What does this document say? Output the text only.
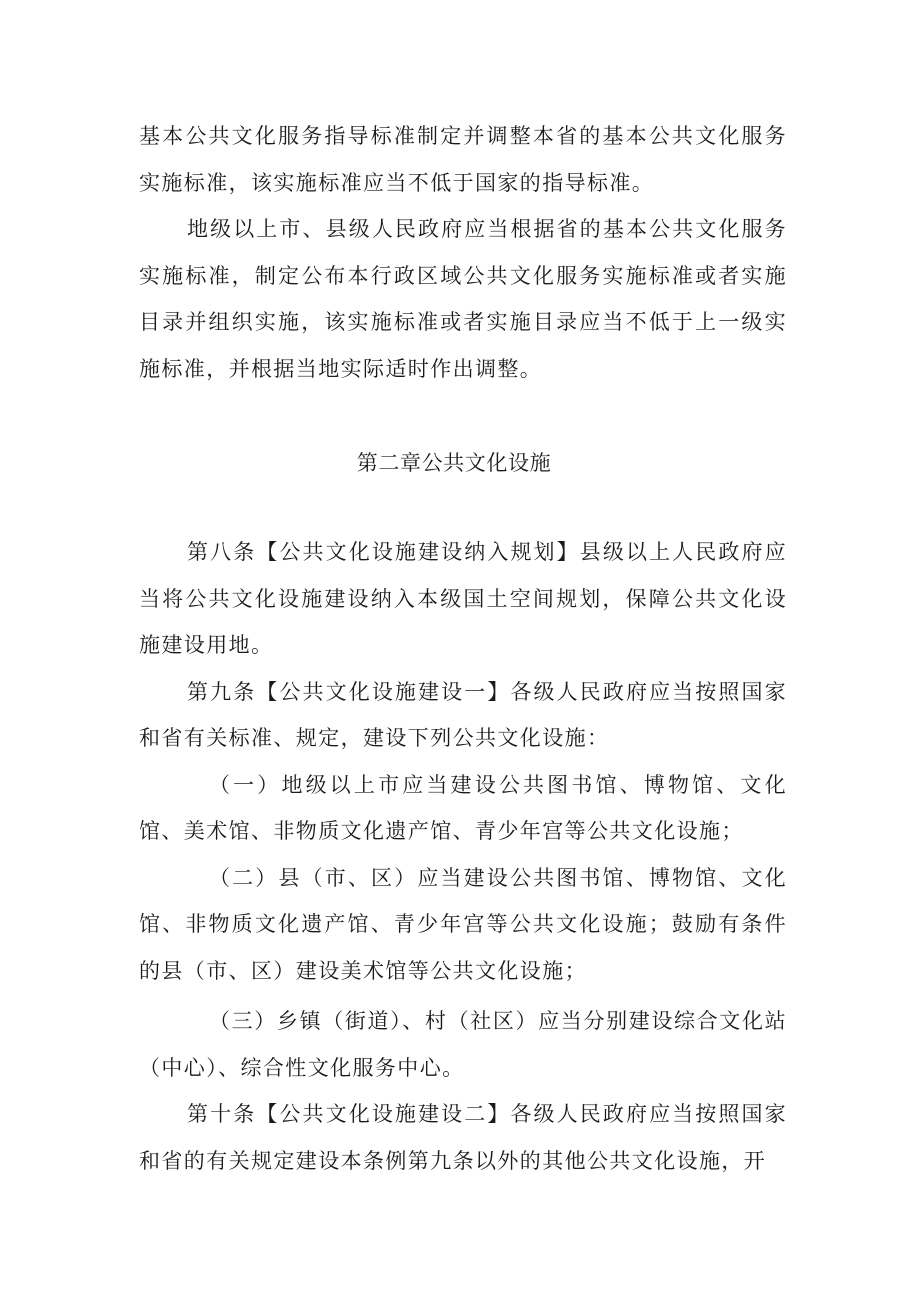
基本公共文化服务指导标准制定并调整本省的基本公共文化服务实施标准，该实施标准应当不低于国家的指导标准。

地级以上市、县级人民政府应当根据省的基本公共文化服务实施标准，制定公布本行政区域公共文化服务实施标准或者实施目录并组织实施，该实施标准或者实施目录应当不低于上一级实施标准，并根据当地实际适时作出调整。

第二章公共文化设施

第八条【公共文化设施建设纳入规划】县级以上人民政府应当将公共文化设施建设纳入本级国土空间规划，保障公共文化设施建设用地。

第九条【公共文化设施建设一】各级人民政府应当按照国家和省有关标准、规定，建设下列公共文化设施：

（一）地级以上市应当建设公共图书馆、博物馆、文化馆、美术馆、非物质文化遗产馆、青少年宫等公共文化设施；

（二）县（市、区）应当建设公共图书馆、博物馆、文化馆、非物质文化遗产馆、青少年宫等公共文化设施；鼓励有条件的县（市、区）建设美术馆等公共文化设施；

（三）乡镇（街道）、村（社区）应当分别建设综合文化站（中心）、综合性文化服务中心。

第十条【公共文化设施建设二】各级人民政府应当按照国家和省的有关规定建设本条例第九条以外的其他公共文化设施，开
